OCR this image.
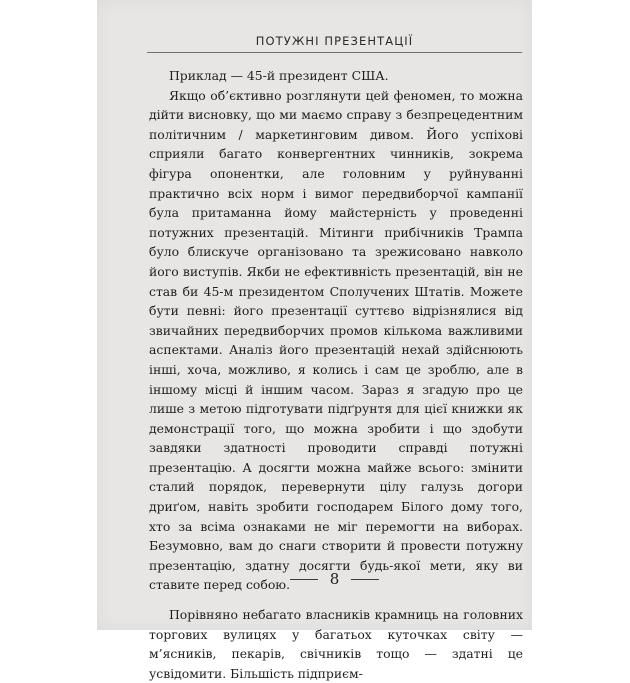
ПОТУЖНІ ПРЕЗЕНТАЦІЇ

Приклад — 45-й президент США.

Якщо об’єктивно розглянути цей феномен, то можна дійти висновку, що ми маємо справу з безпрецедентним політичним / маркетинговим дивом. Його успіхові сприяли багато конвергентних чинників, зокрема фігура опонентки, але головним у руйнуванні практично всіх норм і вимог передвиборчої кампанії була притаманна йому майстерність у проведенні потужних презентацій. Мітинги прибічників Трампа було блискуче організовано та зрежисовано навколо його виступів. Якби не ефективність презентацій, він не став би 45-м президентом Сполучених Штатів. Можете бути певні: його презентації суттєво відрізнялися від звичайних передвиборчих промов кількома важливими аспектами. Аналіз його презентацій нехай здійснюють інші, хоча, можливо, я колись і сам це зроблю, але в іншому місці й іншим часом. Зараз я згадую про це лише з метою підготувати підґрунтя для цієї книжки як демонстрації того, що можна зробити і що здобути завдяки здатності проводити справді потужні презентацію. А досягти можна майже всього: змінити сталий порядок, перевернути цілу галузь догори дриґом, навіть зробити господарем Білого дому того, хто за всіма ознаками не міг перемогти на виборах. Безумовно, вам до снаги створити й провести потужну презентацію, здатну досягти будь-якої мети, яку ви ставите перед собою.

Порівняно небагато власників крамниць на головних торгових вулицях у багатьох куточках світу — м’ясників, пекарів, свічників тощо — здатні це усвідомити. Більшість підприєм-

8
